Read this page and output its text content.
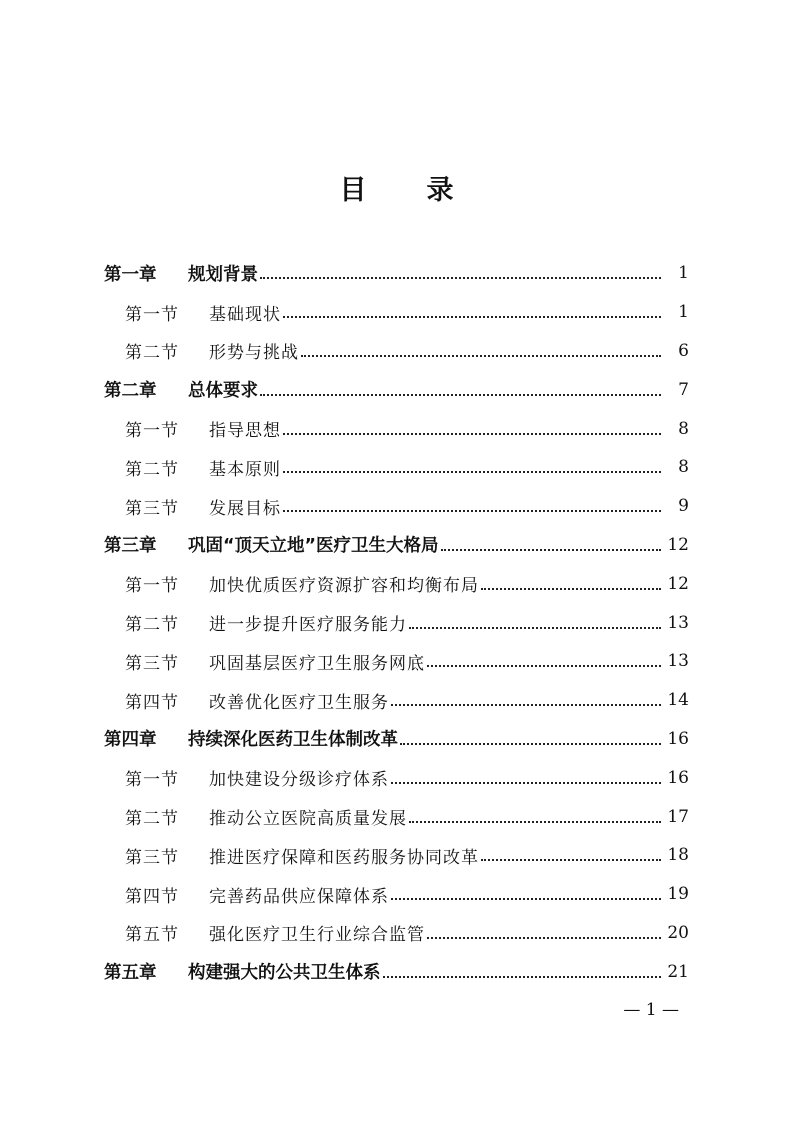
目 录
第一章 规划背景	1
第一节 基础现状	1
第二节 形势与挑战	6
第二章 总体要求	7
第一节 指导思想	8
第二节 基本原则	8
第三节 发展目标	9
第三章 巩固“顶天立地”医疗卫生大格局	12
第一节 加快优质医疗资源扩容和均衡布局	12
第二节 进一步提升医疗服务能力	13
第三节 巩固基层医疗卫生服务网底	13
第四节 改善优化医疗卫生服务	14
第四章 持续深化医药卫生体制改革	16
第一节 加快建设分级诊疗体系	16
第二节 推动公立医院高质量发展	17
第三节 推进医疗保障和医药服务协同改革	18
第四节 完善药品供应保障体系	19
第五节 强化医疗卫生行业综合监管	20
第五章 构建强大的公共卫生体系	21
— 1 —
